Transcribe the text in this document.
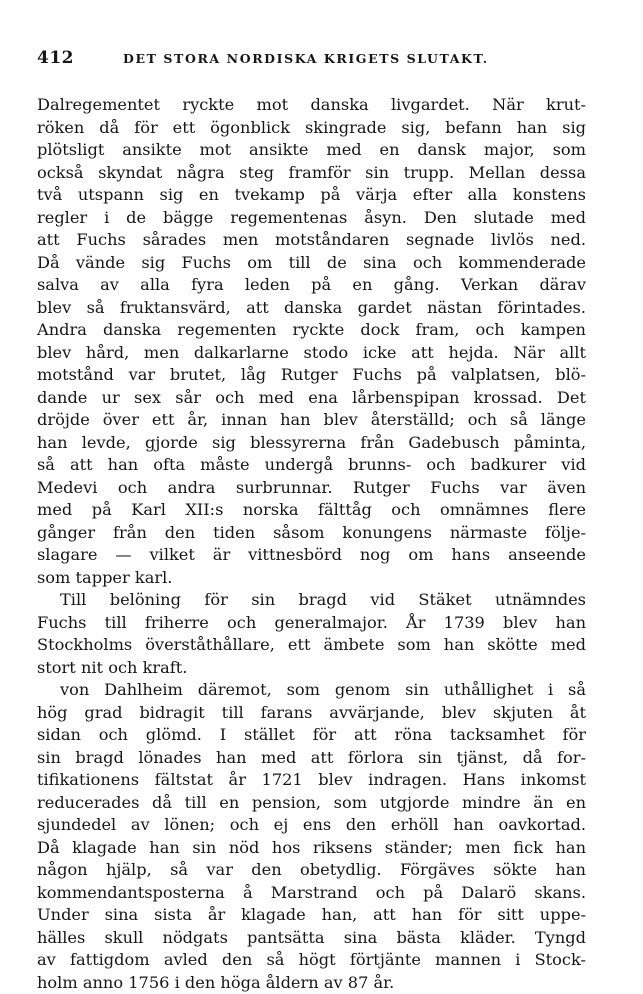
412	DET STORA NORDISKA KRIGETS SLUTAKT.
Dalregementet ryckte mot danska livgardet. När krut-
röken då för ett ögonblick skingrade sig, befann han sig
plötsligt ansikte mot ansikte med en dansk major, som
också skyndat några steg framför sin trupp. Mellan dessa
två utspann sig en tvekamp på värja efter alla konstens
regler i de bägge regementenas åsyn. Den slutade med
att Fuchs sårades men motståndaren segnade livlös ned.
Då vände sig Fuchs om till de sina och kommenderade
salva av alla fyra leden på en gång. Verkan därav
blev så fruktansvärd, att danska gardet nästan förintades.
Andra danska regementen ryckte dock fram, och kampen
blev hård, men dalkarlarne stodo icke att hejda. När allt
motstånd var brutet, låg Rutger Fuchs på valplatsen, blö-
dande ur sex sår och med ena lårbenspipan krossad. Det
dröjde över ett år, innan han blev återställd; och så länge
han levde, gjorde sig blessyrerna från Gadebusch påminta,
så att han ofta måste undergå brunns- och badkurer vid
Medevi och andra surbrunnar. Rutger Fuchs var även
med på Karl XII:s norska fälttåg och omnämnes flere
gånger från den tiden såsom konungens närmaste följe-
slagare — vilket är vittnesbörd nog om hans anseende
som tapper karl.
Till belöning för sin bragd vid Stäket utnämndes
Fuchs till friherre och generalmajor. År 1739 blev han
Stockholms överståthållare, ett ämbete som han skötte med
stort nit och kraft.
von Dahlheim däremot, som genom sin uthållighet i så
hög grad bidragit till farans avvärjande, blev skjuten åt
sidan och glömd. I stället för att röna tacksamhet för
sin bragd lönades han med att förlora sin tjänst, då for-
tifikationens fältstat år 1721 blev indragen. Hans inkomst
reducerades då till en pension, som utgjorde mindre än en
sjundedel av lönen; och ej ens den erhöll han oavkortad.
Då klagade han sin nöd hos riksens ständer; men fick han
någon hjälp, så var den obetydlig. Förgäves sökte han
kommendantsposterna å Marstrand och på Dalarö skans.
Under sina sista år klagade han, att han för sitt uppe-
hälles skull nödgats pantsätta sina bästa kläder. Tyngd
av fattigdom avled den så högt förtjänte mannen i Stock-
holm anno 1756 i den höga åldern av 87 år.
